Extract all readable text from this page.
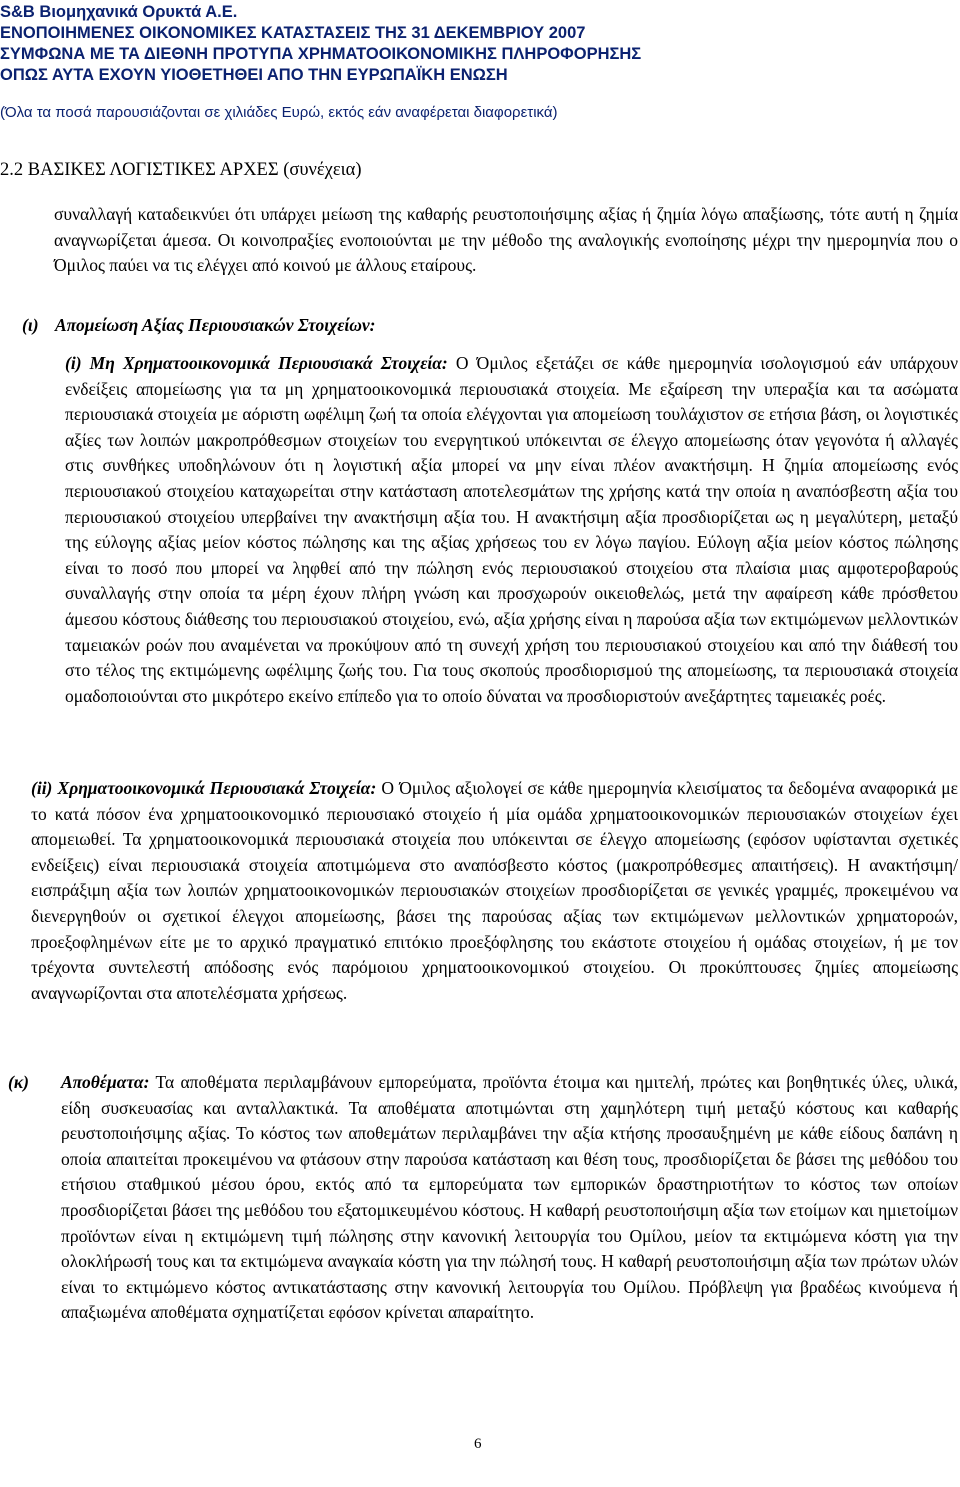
S&B Βιομηχανικά Ορυκτά Α.Ε.
ΕΝΟΠΟΙΗΜΕΝΕΣ ΟΙΚΟΝΟΜΙΚΕΣ ΚΑΤΑΣΤΑΣΕΙΣ ΤΗΣ 31 ΔΕΚΕΜΒΡΙΟΥ 2007
ΣΥΜΦΩΝΑ ΜΕ ΤΑ ΔΙΕΘΝΗ ΠΡΟΤΥΠΑ ΧΡΗΜΑΤΟΟΙΚΟΝΟΜΙΚΗΣ ΠΛΗΡΟΦΟΡΗΣΗΣ
ΟΠΩΣ ΑΥΤΑ ΕΧΟΥΝ ΥΙΟΘΕΤΗΘΕΙ ΑΠΟ ΤΗΝ ΕΥΡΩΠΑΪΚΗ ΕΝΩΣΗ
(Όλα τα ποσά παρουσιάζονται σε χιλιάδες Ευρώ, εκτός εάν αναφέρεται διαφορετικά)
2.2 ΒΑΣΙΚΕΣ ΛΟΓΙΣΤΙΚΕΣ ΑΡΧΕΣ (συνέχεια)
συναλλαγή καταδεικνύει ότι υπάρχει μείωση της καθαρής ρευστοποιήσιμης αξίας ή ζημία λόγω απαξίωσης, τότε αυτή η ζημία αναγνωρίζεται άμεσα. Οι κοινοπραξίες ενοποιούνται με την μέθοδο της αναλογικής ενοποίησης μέχρι την ημερομηνία που ο Όμιλος παύει να τις ελέγχει από κοινού με άλλους εταίρους.
(ι) Απομείωση Αξίας Περιουσιακών Στοιχείων:

(i) Μη Χρηματοοικονομικά Περιουσιακά Στοιχεία: Ο Όμιλος εξετάζει σε κάθε ημερομηνία ισολογισμού εάν υπάρχουν ενδείξεις απομείωσης για τα μη χρηματοοικονομικά περιουσιακά στοιχεία. Με εξαίρεση την υπεραξία και τα ασώματα περιουσιακά στοιχεία με αόριστη ωφέλιμη ζωή τα οποία ελέγχονται για απομείωση τουλάχιστον σε ετήσια βάση, οι λογιστικές αξίες των λοιπών μακροπρόθεσμων στοιχείων του ενεργητικού υπόκεινται σε έλεγχο απομείωσης όταν γεγονότα ή αλλαγές στις συνθήκες υποδηλώνουν ότι η λογιστική αξία μπορεί να μην είναι πλέον ανακτήσιμη. Η ζημία απομείωσης ενός περιουσιακού στοιχείου καταχωρείται στην κατάσταση αποτελεσμάτων της χρήσης κατά την οποία η αναπόσβεστη αξία του περιουσιακού στοιχείου υπερβαίνει την ανακτήσιμη αξία του. Η ανακτήσιμη αξία προσδιορίζεται ως η μεγαλύτερη, μεταξύ της εύλογης αξίας μείον κόστος πώλησης και της αξίας χρήσεως του εν λόγω παγίου. Εύλογη αξία μείον κόστος πώλησης είναι το ποσό που μπορεί να ληφθεί από την πώληση ενός περιουσιακού στοιχείου στα πλαίσια μιας αμφοτεροβαρούς συναλλαγής στην οποία τα μέρη έχουν πλήρη γνώση και προσχωρούν οικειοθελώς, μετά την αφαίρεση κάθε πρόσθετου άμεσου κόστους διάθεσης του περιουσιακού στοιχείου, ενώ, αξία χρήσης είναι η παρούσα αξία των εκτιμώμενων μελλοντικών ταμειακών ροών που αναμένεται να προκύψουν από τη συνεχή χρήση του περιουσιακού στοιχείου και από την διάθεσή του στο τέλος της εκτιμώμενης ωφέλιμης ζωής του. Για τους σκοπούς προσδιορισμού της απομείωσης, τα περιουσιακά στοιχεία ομαδοποιούνται στο μικρότερο εκείνο επίπεδο για το οποίο δύναται να προσδιοριστούν ανεξάρτητες ταμειακές ροές.

(ii) Χρηματοοικονομικά Περιουσιακά Στοιχεία: Ο Όμιλος αξιολογεί σε κάθε ημερομηνία κλεισίματος τα δεδομένα αναφορικά με το κατά πόσον ένα χρηματοοικονομικό περιουσιακό στοιχείο ή μία ομάδα χρηματοοικονομικών περιουσιακών στοιχείων έχει απομειωθεί. Τα χρηματοοικονομικά περιουσιακά στοιχεία που υπόκεινται σε έλεγχο απομείωσης (εφόσον υφίστανται σχετικές ενδείξεις) είναι περιουσιακά στοιχεία αποτιμώμενα στο αναπόσβεστο κόστος (μακροπρόθεσμες απαιτήσεις). Η ανακτήσιμη/εισπράξιμη αξία των λοιπών χρηματοοικονομικών περιουσιακών στοιχείων προσδιορίζεται σε γενικές γραμμές, προκειμένου να διενεργηθούν οι σχετικοί έλεγχοι απομείωσης, βάσει της παρούσας αξίας των εκτιμώμενων μελλοντικών χρηματοροών, προεξοφλημένων είτε με το αρχικό πραγματικό επιτόκιο προεξόφλησης του εκάστοτε στοιχείου ή ομάδας στοιχείων, ή με τον τρέχοντα συντελεστή απόδοσης ενός παρόμοιου χρηματοοικονομικού στοιχείου. Οι προκύπτουσες ζημίες απομείωσης αναγνωρίζονται στα αποτελέσματα χρήσεως.

(κ) Αποθέματα: Τα αποθέματα περιλαμβάνουν εμπορεύματα, προϊόντα έτοιμα και ημιτελή, πρώτες και βοηθητικές ύλες, υλικά, είδη συσκευασίας και ανταλλακτικά. Τα αποθέματα αποτιμώνται στη χαμηλότερη τιμή μεταξύ κόστους και καθαρής ρευστοποιήσιμης αξίας. Το κόστος των αποθεμάτων περιλαμβάνει την αξία κτήσης προσαυξημένη με κάθε είδους δαπάνη η οποία απαιτείται προκειμένου να φτάσουν στην παρούσα κατάσταση και θέση τους, προσδιορίζεται δε βάσει της μεθόδου του ετήσιου σταθμικού μέσου όρου, εκτός από τα εμπορεύματα των εμπορικών δραστηριοτήτων το κόστος των οποίων προσδιορίζεται βάσει της μεθόδου του εξατομικευμένου κόστους. Η καθαρή ρευστοποιήσιμη αξία των ετοίμων και ημιετοίμων προϊόντων είναι η εκτιμώμενη τιμή πώλησης στην κανονική λειτουργία του Ομίλου, μείον τα εκτιμώμενα κόστη για την ολοκλήρωσή τους και τα εκτιμώμενα αναγκαία κόστη για την πώλησή τους. Η καθαρή ρευστοποιήσιμη αξία των πρώτων υλών είναι το εκτιμώμενο κόστος αντικατάστασης στην κανονική λειτουργία του Ομίλου. Πρόβλεψη για βραδέως κινούμενα ή απαξιωμένα αποθέματα σχηματίζεται εφόσον κρίνεται απαραίτητο.

6
